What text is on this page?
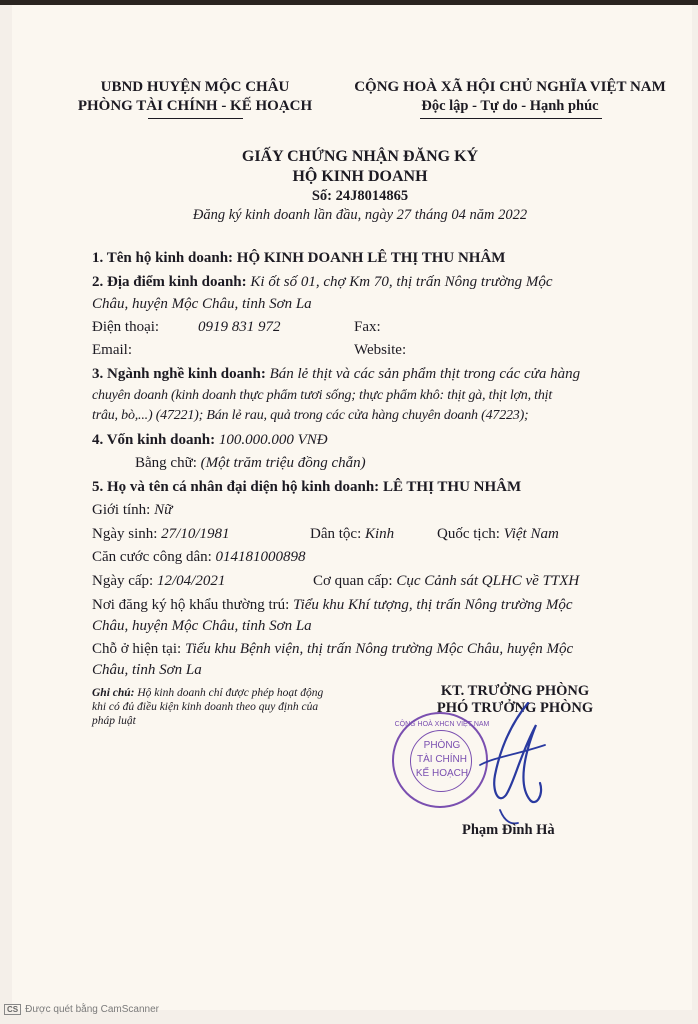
UBND HUYỆN MỘC CHÂU
PHÒNG TÀI CHÍNH - KẾ HOẠCH
CỘNG HOÀ XÃ HỘI CHỦ NGHĨA VIỆT NAM
Độc lập - Tự do - Hạnh phúc
GIẤY CHỨNG NHẬN ĐĂNG KÝ
HỘ KINH DOANH
Số: 24J8014865
Đăng ký kinh doanh lần đầu, ngày 27 tháng 04 năm 2022
1. Tên hộ kinh doanh: HỘ KINH DOANH LÊ THỊ THU NHÂM
2. Địa điểm kinh doanh: Ki ốt số 01, chợ Km 70, thị trấn Nông trường Mộc
Châu, huyện Mộc Châu, tỉnh Sơn La
Điện thoại:	0919 831 972	Fax:
Email:	Website:
3. Ngành nghề kinh doanh: Bán lẻ thịt và các sản phẩm thịt trong các cửa hàng
chuyên doanh (kinh doanh thực phẩm tươi sống; thực phẩm khô: thịt gà, thịt lợn, thịt
trâu, bò,...) (47221); Bán lẻ rau, quả trong các cửa hàng chuyên doanh (47223);
4. Vốn kinh doanh: 100.000.000 VNĐ
Bằng chữ: (Một trăm triệu đồng chẵn)
5. Họ và tên cá nhân đại diện hộ kinh doanh: LÊ THỊ THU NHÂM
Giới tính: Nữ
Ngày sinh: 27/10/1981	Dân tộc: Kinh	Quốc tịch: Việt Nam
Căn cước công dân: 014181000898
Ngày cấp: 12/04/2021	Cơ quan cấp: Cục Cảnh sát QLHC về TTXH
Nơi đăng ký hộ khẩu thường trú: Tiểu khu Khí tượng, thị trấn Nông trường Mộc
Châu, huyện Mộc Châu, tỉnh Sơn La
Chỗ ở hiện tại: Tiểu khu Bệnh viện, thị trấn Nông trường Mộc Châu, huyện Mộc
Châu, tỉnh Sơn La
Ghi chú: Hộ kinh doanh chỉ được phép hoạt động
khi có đủ điều kiện kinh doanh theo quy định của
pháp luật
KT. TRƯỞNG PHÒNG
PHÓ TRƯỞNG PHÒNG
CỘNG HOÀ XHCN VIỆT NAM
PHÒNG
TÀI CHÍNH
KẾ HOẠCH
Phạm Đình Hà
CS Được quét bằng CamScanner
